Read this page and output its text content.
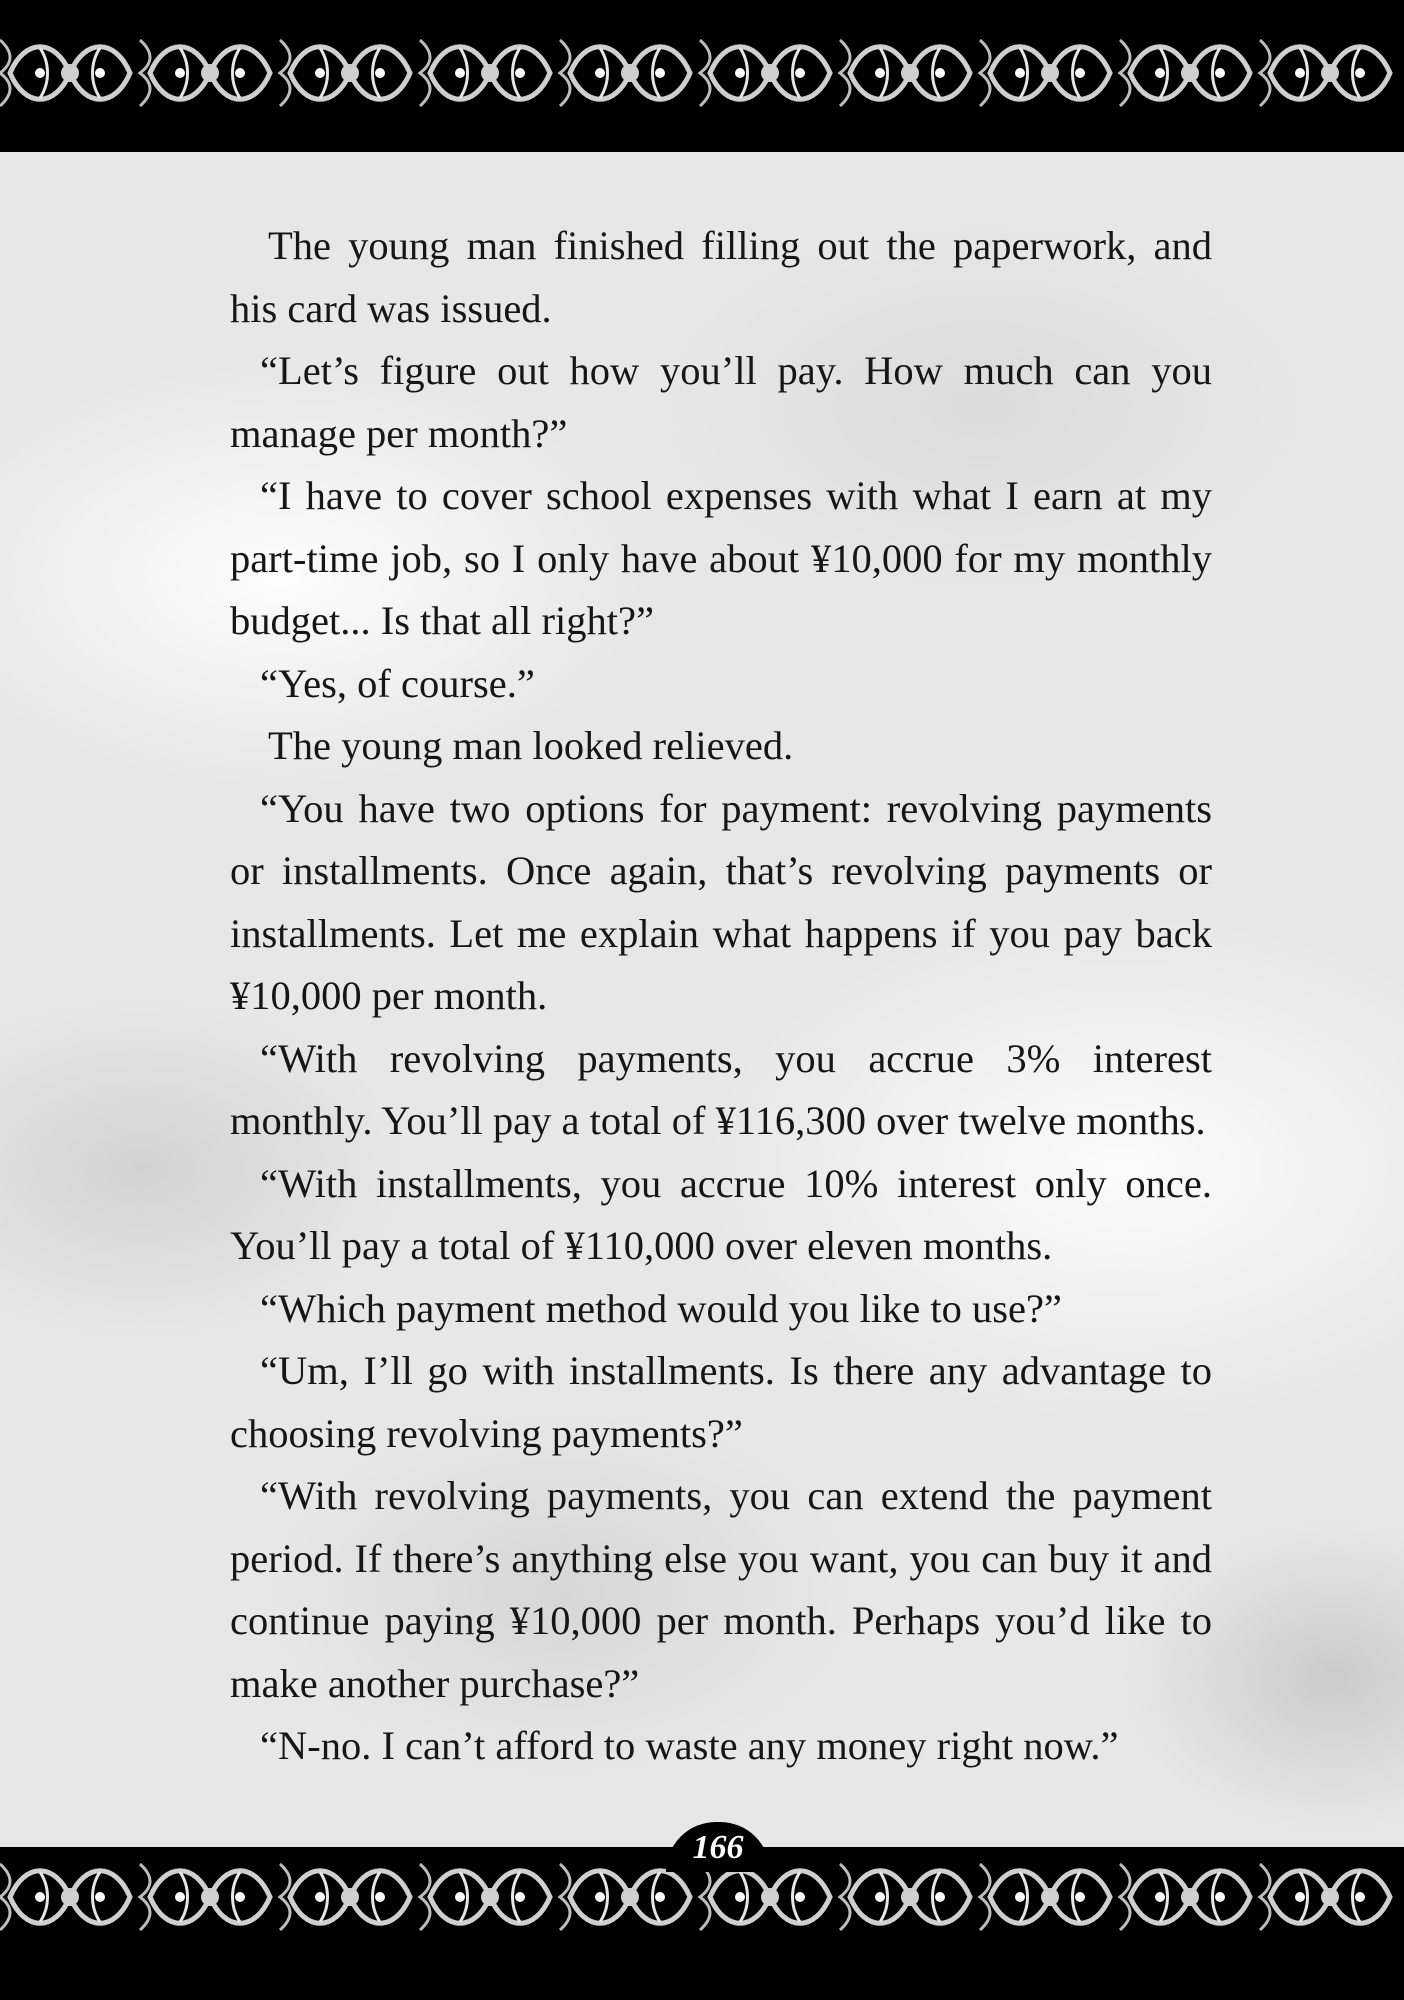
The young man finished filling out the paperwork, and his card was issued.

“Let’s figure out how you’ll pay. How much can you manage per month?”

“I have to cover school expenses with what I earn at my part-time job, so I only have about ¥10,000 for my monthly budget... Is that all right?”

“Yes, of course.”

The young man looked relieved.

“You have two options for payment: revolving payments or installments. Once again, that’s revolving payments or installments. Let me explain what happens if you pay back ¥10,000 per month.

“With revolving payments, you accrue 3% interest monthly. You’ll pay a total of ¥116,300 over twelve months.

“With installments, you accrue 10% interest only once. You’ll pay a total of ¥110,000 over eleven months.

“Which payment method would you like to use?”

“Um, I’ll go with installments. Is there any advantage to choosing revolving payments?”

“With revolving payments, you can extend the payment period. If there’s anything else you want, you can buy it and continue paying ¥10,000 per month. Perhaps you’d like to make another purchase?”

“N-no. I can’t afford to waste any money right now.”

166
